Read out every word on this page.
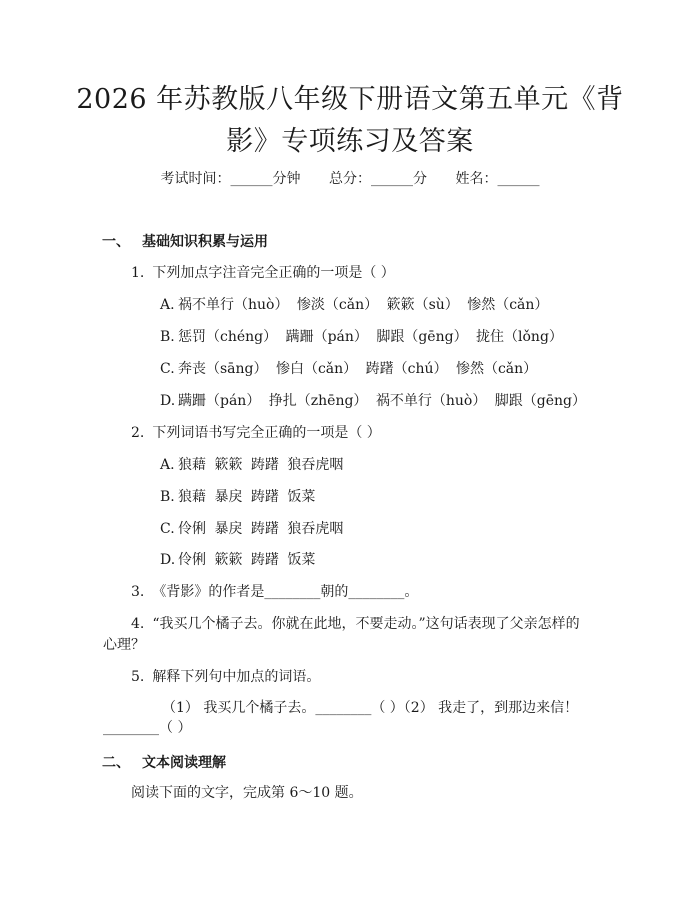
2026 年苏教版八年级下册语文第五单元《背
影》专项练习及答案
考试时间：______分钟 总分：______分 姓名：______
一、 基础知识积累与运用
1. 下列加点字注音完全正确的一项是（ ）
A. 祸不单行（huò） 惨淡（cǎn） 簌簌（sù） 惨然（cǎn）
B. 惩罚（chéng） 蹒跚（pán） 脚跟（gēng） 拢住（lǒng）
C. 奔丧（sāng） 惨白（cǎn） 踌躇（chú） 惨然（cǎn）
D. 蹒跚（pán） 挣扎（zhēng） 祸不单行（huò） 脚跟（gēng）
2. 下列词语书写完全正确的一项是（ ）
A. 狼藉 簌簌 踌躇 狼吞虎咽
B. 狼藉 暴戾 踌躇 饭菜
C. 伶俐 暴戾 踌躇 狼吞虎咽
D. 伶俐 簌簌 踌躇 饭菜
3. 《背影》的作者是________朝的________。
4. “我买几个橘子去。你就在此地，不要走动。”这句话表现了父亲怎样的
心理？
5. 解释下列句中加点的词语。
（1） 我买几个橘子去。________（ ）（2） 我走了，到那边来信！
________（ ）
二、 文本阅读理解
阅读下面的文字，完成第 6～10 题。
